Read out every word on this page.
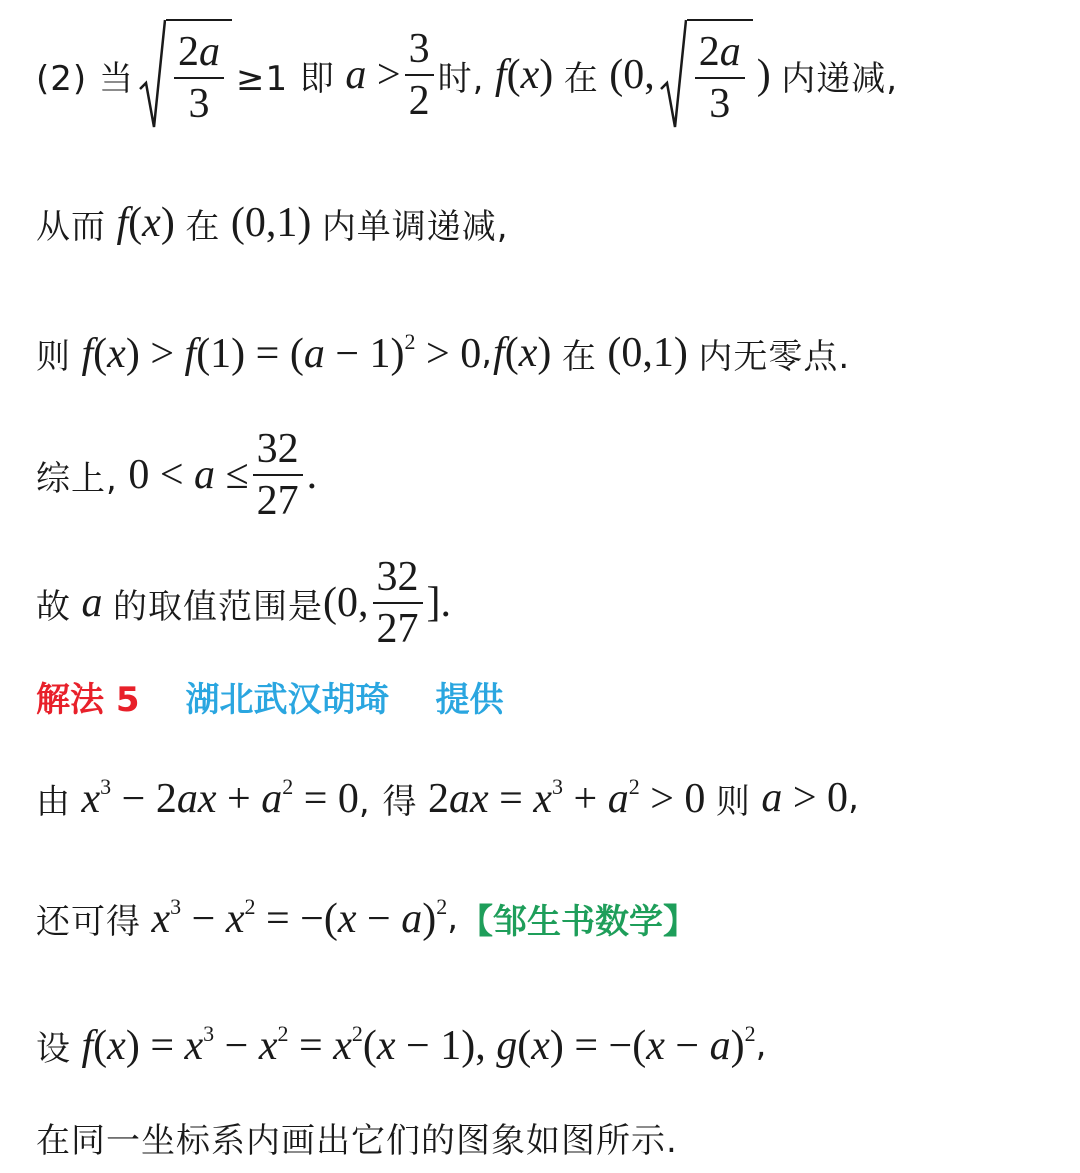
(2) 当 $\frac{2a}{3} \ge 1$ 即 $a > \frac{3}{2}$ 时, f(x) 在 (0, $\frac{2a}{3}$ ) 内递减,
从而 f(x) 在 (0,1) 内单调递减,
则 $f(x) > f(1) = (a - 1)^2 > 0$ , f(x) 在 (0,1) 内无零点.
综上, $0 < a \le \frac{32}{27}$ .
故 a 的取值范围是 (0, $\frac{32}{27}$ ].
解法 5 湖北武汉胡琦 提供
由 $x^3 - 2ax + a^2 = 0$ , 得 $2ax = x^3 + a^2 > 0$ 则 a > 0 ,
还可得 $x^3 - x^2 = -(x - a)^2$ , 【邹生书数学】
设 $f(x) = x^3 - x^2 = x^2(x - 1)$, $g(x) = -(x - a)^2$ ,
在同一坐标系内画出它们的图象如图所示.
